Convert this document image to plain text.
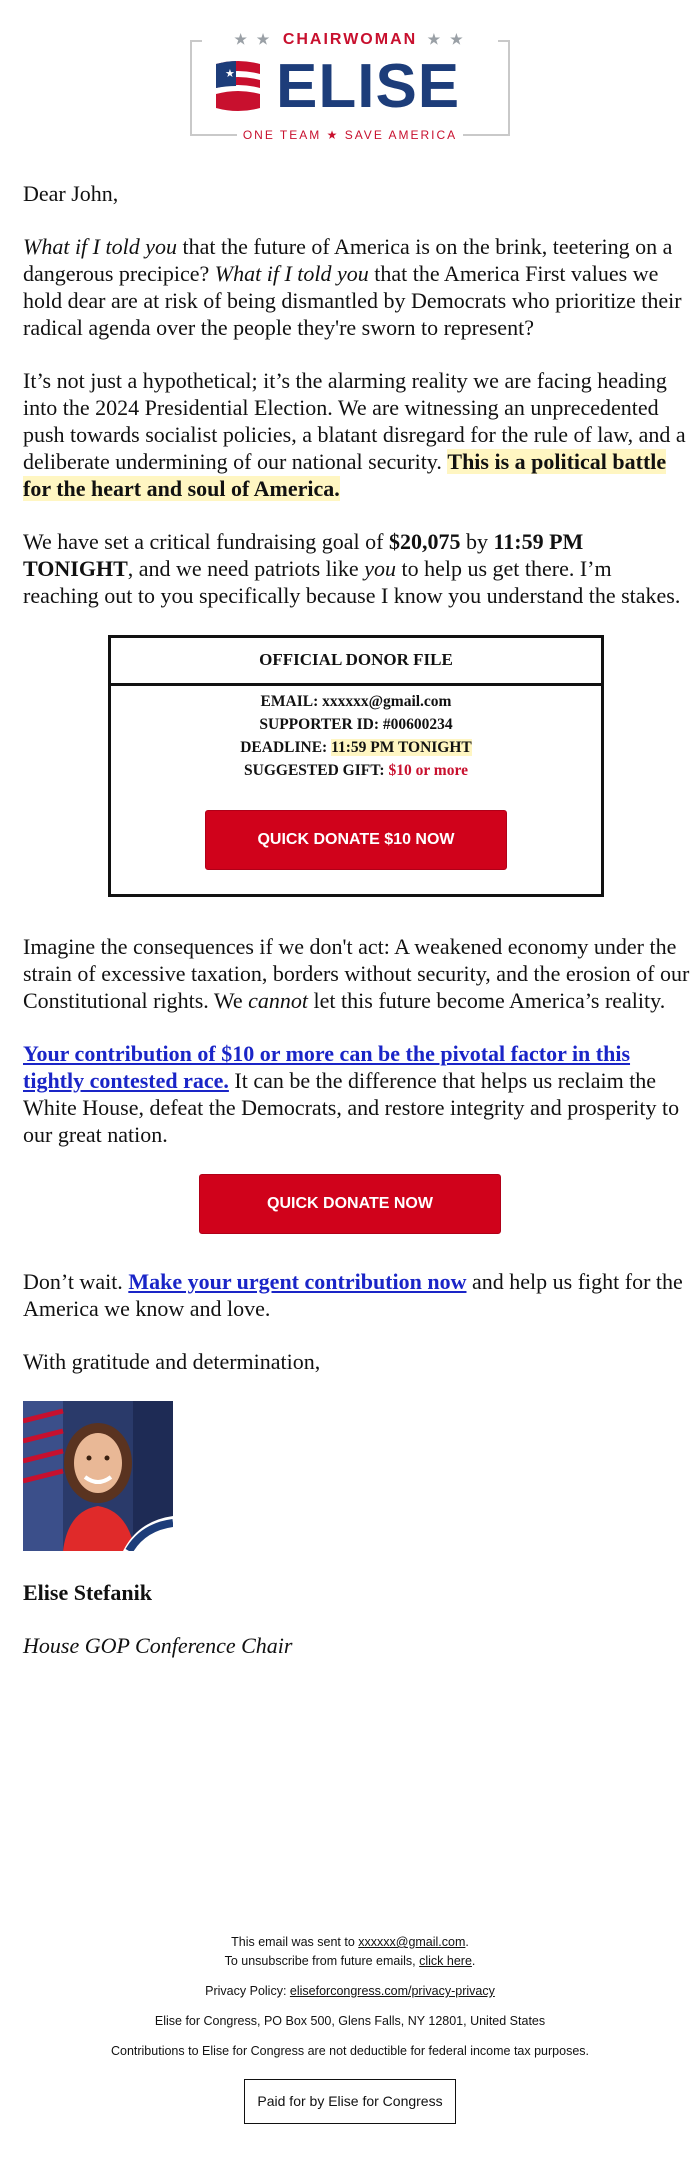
★ ★ CHAIRWOMAN ★ ★
★ ELISE
ONE TEAM ★ SAVE AMERICA

Dear John,

What if I told you that the future of America is on the brink, teetering on a dangerous precipice? What if I told you that the America First values we hold dear are at risk of being dismantled by Democrats who prioritize their radical agenda over the people they're sworn to represent?

It’s not just a hypothetical; it’s the alarming reality we are facing heading into the 2024 Presidential Election. We are witnessing an unprecedented push towards socialist policies, a blatant disregard for the rule of law, and a deliberate undermining of our national security. This is a political battle for the heart and soul of America.

We have set a critical fundraising goal of $20,075 by 11:59 PM TONIGHT, and we need patriots like you to help us get there. I’m reaching out to you specifically because I know you understand the stakes.

OFFICIAL DONOR FILE
EMAIL: xxxxxx@gmail.com
SUPPORTER ID: #00600234
DEADLINE: 11:59 PM TONIGHT
SUGGESTED GIFT: $10 or more
QUICK DONATE $10 NOW

Imagine the consequences if we don't act: A weakened economy under the strain of excessive taxation, borders without security, and the erosion of our Constitutional rights. We cannot let this future become America’s reality.

Your contribution of $10 or more can be the pivotal factor in this tightly contested race. It can be the difference that helps us reclaim the White House, defeat the Democrats, and restore integrity and prosperity to our great nation.

QUICK DONATE NOW

Don’t wait. Make your urgent contribution now and help us fight for the America we know and love.

With gratitude and determination,

Elise Stefanik

House GOP Conference Chair

This email was sent to xxxxxx@gmail.com.
To unsubscribe from future emails, click here.

Privacy Policy: eliseforcongress.com/privacy-privacy

Elise for Congress, PO Box 500, Glens Falls, NY 12801, United States

Contributions to Elise for Congress are not deductible for federal income tax purposes.

Paid for by Elise for Congress
